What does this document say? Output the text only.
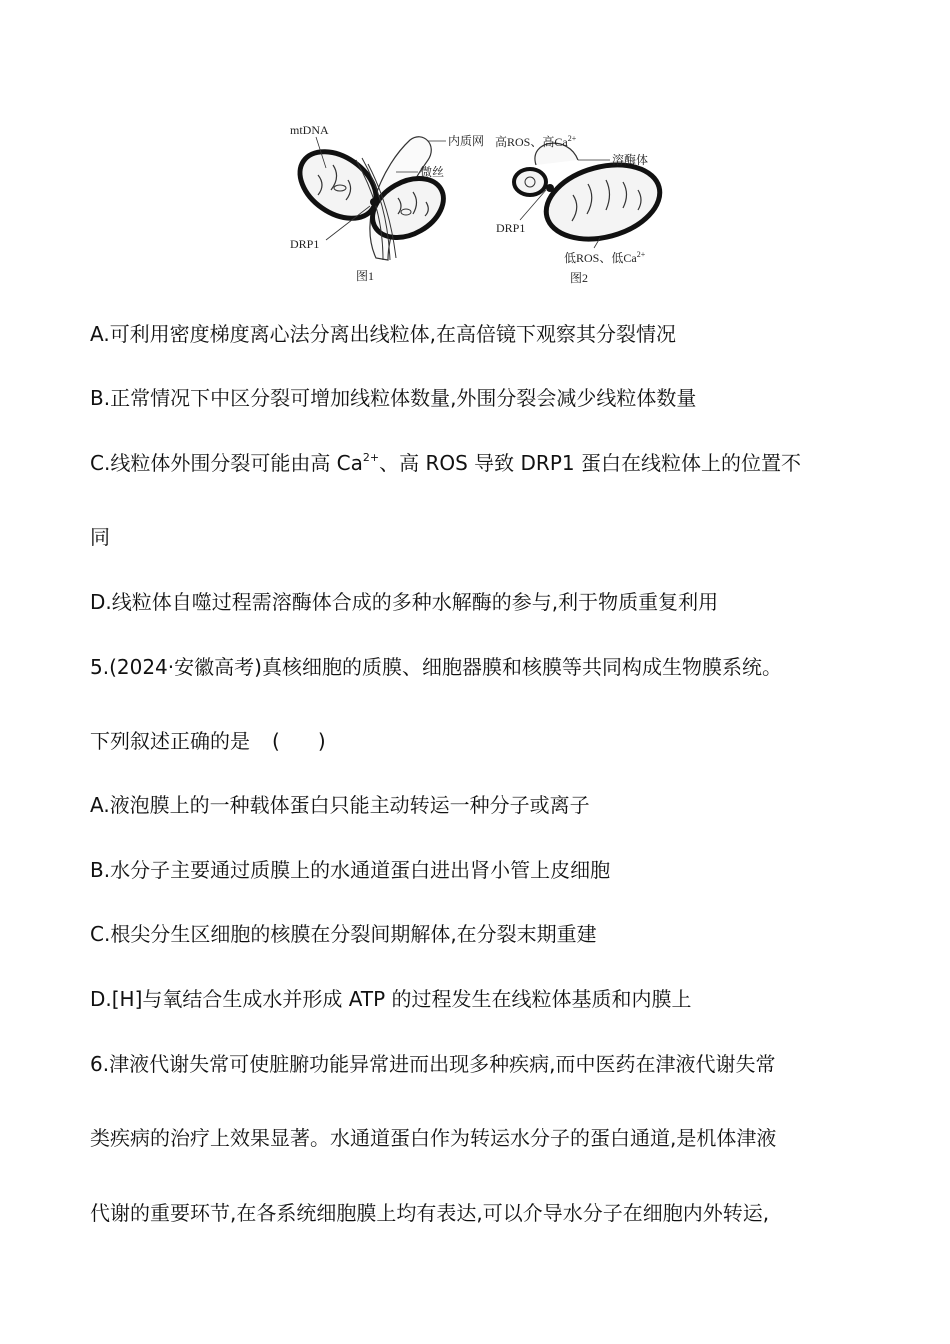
mtDNA
内质网
微丝
DRP1
图1
高ROS、高$Ca^{2+}$
溶酶体
DRP1
低ROS、低$Ca^{2+}$
图2
A.可利用密度梯度离心法分离出线粒体,在高倍镜下观察其分裂情况
B.正常情况下中区分裂可增加线粒体数量,外围分裂会减少线粒体数量
C.线粒体外围分裂可能由高 $Ca^{2+}$、高 ROS 导致 DRP1 蛋白在线粒体上的位置不
同
D.线粒体自噬过程需溶酶体合成的多种水解酶的参与,利于物质重复利用
5.(2024·安徽高考)真核细胞的质膜、细胞器膜和核膜等共同构成生物膜系统。
下列叙述正确的是 ( )
A.液泡膜上的一种载体蛋白只能主动转运一种分子或离子
B.水分子主要通过质膜上的水通道蛋白进出肾小管上皮细胞
C.根尖分生区细胞的核膜在分裂间期解体,在分裂末期重建
D.[H]与氧结合生成水并形成 ATP 的过程发生在线粒体基质和内膜上
6.津液代谢失常可使脏腑功能异常进而出现多种疾病,而中医药在津液代谢失常
类疾病的治疗上效果显著。水通道蛋白作为转运水分子的蛋白通道,是机体津液
代谢的重要环节,在各系统细胞膜上均有表达,可以介导水分子在细胞内外转运,
